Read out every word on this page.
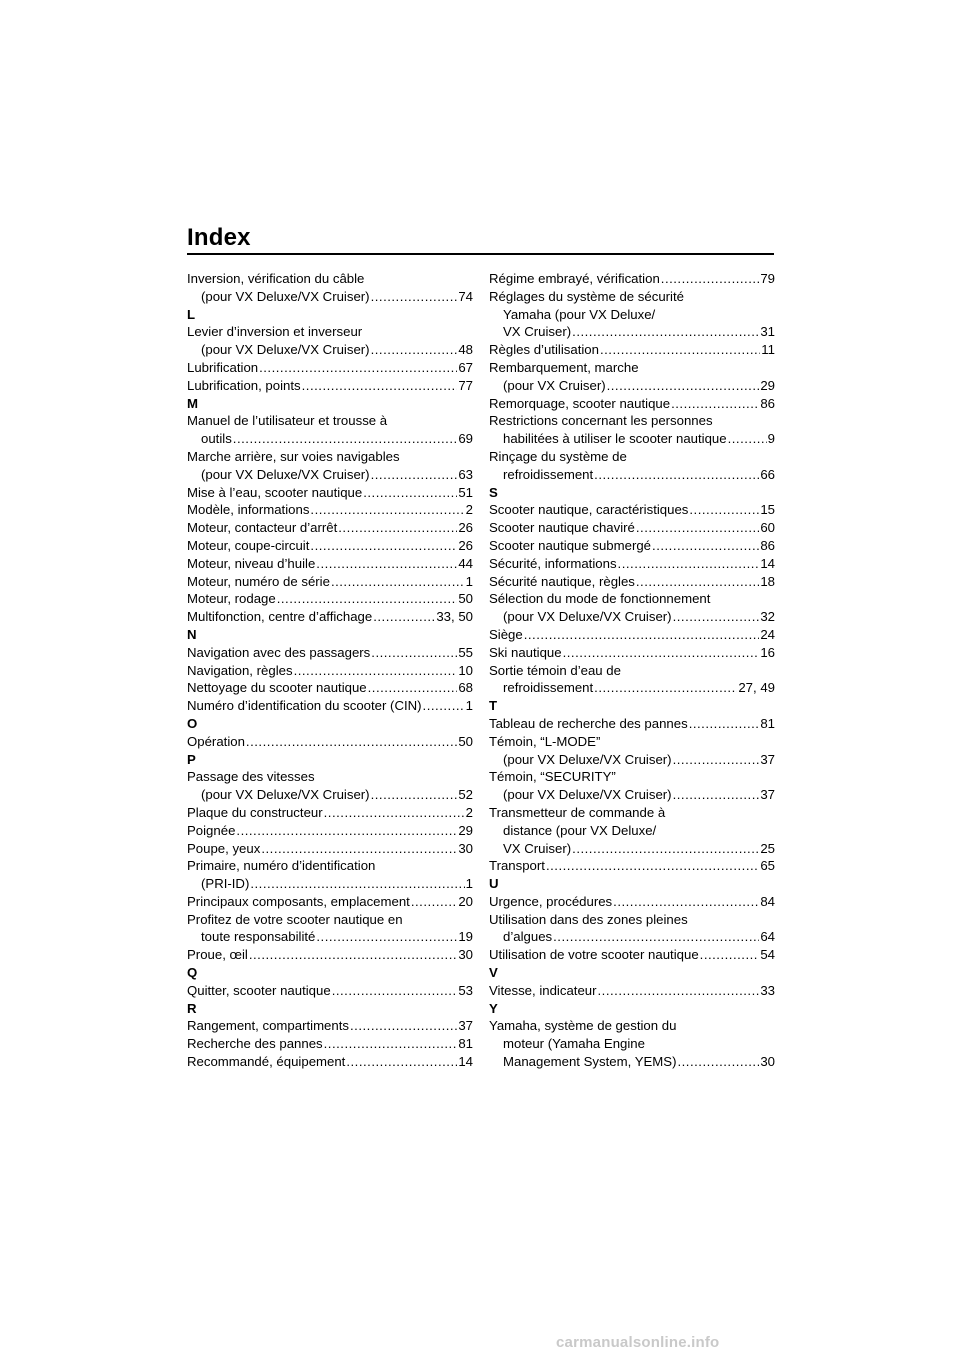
Index
Inversion, vérification du câble
(pour VX Deluxe/VX Cruiser) .....	74
L
Levier d’inversion et inverseur
(pour VX Deluxe/VX Cruiser) .....	48
Lubrification .....	67
Lubrification, points .....	77
M
Manuel de l’utilisateur et trousse à
outils .....	69
Marche arrière, sur voies navigables
(pour VX Deluxe/VX Cruiser) .....	63
Mise à l’eau, scooter nautique .....	51
Modèle, informations .....	2
Moteur, contacteur d’arrêt .....	26
Moteur, coupe-circuit .....	26
Moteur, niveau d’huile .....	44
Moteur, numéro de série .....	1
Moteur, rodage .....	50
Multifonction, centre d’affichage .....	33, 50
N
Navigation avec des passagers .....	55
Navigation, règles .....	10
Nettoyage du scooter nautique .....	68
Numéro d’identification du scooter (CIN) .....	1
O
Opération .....	50
P
Passage des vitesses
(pour VX Deluxe/VX Cruiser) .....	52
Plaque du constructeur .....	2
Poignée .....	29
Poupe, yeux .....	30
Primaire, numéro d’identification
(PRI-ID) .....	1
Principaux composants, emplacement .....	20
Profitez de votre scooter nautique en
toute responsabilité .....	19
Proue, œil .....	30
Q
Quitter, scooter nautique .....	53
R
Rangement, compartiments .....	37
Recherche des pannes .....	81
Recommandé, équipement .....	14
Régime embrayé, vérification .....	79
Réglages du système de sécurité
Yamaha (pour VX Deluxe/
VX Cruiser) .....	31
Règles d’utilisation .....	11
Rembarquement, marche
(pour VX Cruiser) .....	29
Remorquage, scooter nautique .....	86
Restrictions concernant les personnes
habilitées à utiliser le scooter nautique .....	9
Rinçage du système de
refroidissement .....	66
S
Scooter nautique, caractéristiques .....	15
Scooter nautique chaviré .....	60
Scooter nautique submergé .....	86
Sécurité, informations .....	14
Sécurité nautique, règles .....	18
Sélection du mode de fonctionnement
(pour VX Deluxe/VX Cruiser) .....	32
Siège .....	24
Ski nautique .....	16
Sortie témoin d’eau de
refroidissement .....	27, 49
T
Tableau de recherche des pannes .....	81
Témoin, “L-MODE”
(pour VX Deluxe/VX Cruiser) .....	37
Témoin, “SECURITY”
(pour VX Deluxe/VX Cruiser) .....	37
Transmetteur de commande à
distance (pour VX Deluxe/
VX Cruiser) .....	25
Transport .....	65
U
Urgence, procédures .....	84
Utilisation dans des zones pleines
d’algues .....	64
Utilisation de votre scooter nautique .....	54
V
Vitesse, indicateur .....	33
Y
Yamaha, système de gestion du
moteur (Yamaha Engine
Management System, YEMS) .....	30
carmanualsonline.info
